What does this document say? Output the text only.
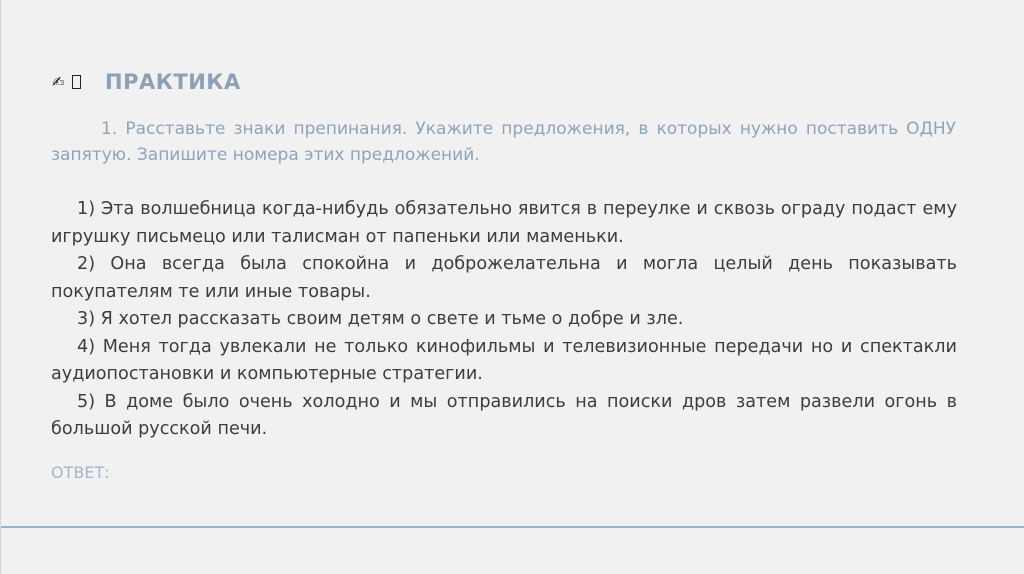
✍ ПРАКТИКА
1. Расставьте знаки препинания. Укажите предложения, в которых нужно поставить ОДНУ запятую. Запишите номера этих предложений.

1) Эта волшебница когда-нибудь обязательно явится в переулке и сквозь ограду подаст ему игрушку письмецо или талисман от папеньки или маменьки.

2) Она всегда была спокойна и доброжелательна и могла целый день показывать покупателям те или иные товары.

3) Я хотел рассказать своим детям о свете и тьме о добре и зле.

4) Меня тогда увлекали не только кинофильмы и телевизионные передачи но и спектакли аудиопостановки и компьютерные стратегии.

5) В доме было очень холодно и мы отправились на поиски дров затем развели огонь в большой русской печи.

ОТВЕТ:
